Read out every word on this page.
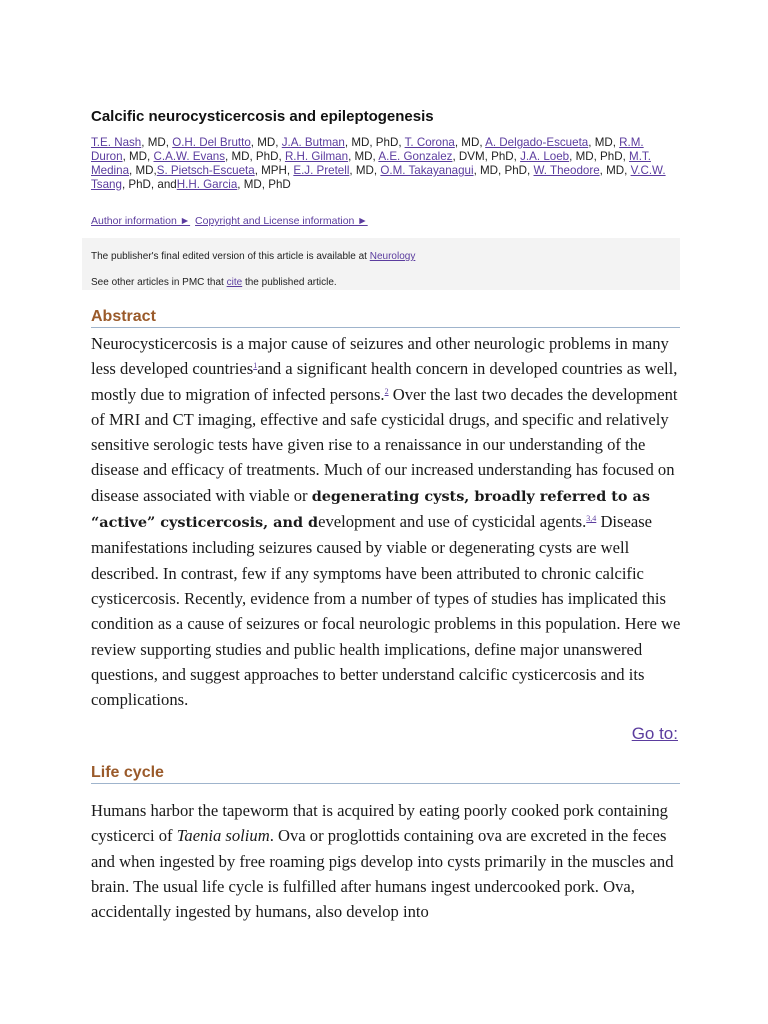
Calcific neurocysticercosis and epileptogenesis
T.E. Nash, MD, O.H. Del Brutto, MD, J.A. Butman, MD, PhD, T. Corona, MD, A. Delgado-Escueta, MD, R.M. Duron, MD, C.A.W. Evans, MD, PhD, R.H. Gilman, MD, A.E. Gonzalez, DVM, PhD, J.A. Loeb, MD, PhD, M.T. Medina, MD,S. Pietsch-Escueta, MPH, E.J. Pretell, MD, O.M. Takayanagui, MD, PhD, W. Theodore, MD, V.C.W. Tsang, PhD, andH.H. Garcia, MD, PhD
Author information ► Copyright and License information ►
The publisher's final edited version of this article is available at Neurology
See other articles in PMC that cite the published article.
Abstract
Neurocysticercosis is a major cause of seizures and other neurologic problems in many less developed countries$^1$and a significant health concern in developed countries as well, mostly due to migration of infected persons.$^2$ Over the last two decades the development of MRI and CT imaging, effective and safe cysticidal drugs, and specific and relatively sensitive serologic tests have given rise to a renaissance in our understanding of the disease and efficacy of treatments. Much of our increased understanding has focused on disease associated with viable or degenerating cysts, broadly referred to as “active” cysticercosis, and development and use of cysticidal agents.$^{3,4}$ Disease manifestations including seizures caused by viable or degenerating cysts are well described. In contrast, few if any symptoms have been attributed to chronic calcific cysticercosis. Recently, evidence from a number of types of studies has implicated this condition as a cause of seizures or focal neurologic problems in this population. Here we review supporting studies and public health implications, define major unanswered questions, and suggest approaches to better understand calcific cysticercosis and its complications.
Go to:
Life cycle
Humans harbor the tapeworm that is acquired by eating poorly cooked pork containing cysticerci of Taenia solium. Ova or proglottids containing ova are excreted in the feces and when ingested by free roaming pigs develop into cysts primarily in the muscles and brain. The usual life cycle is fulfilled after humans ingest undercooked pork. Ova, accidentally ingested by humans, also develop into
